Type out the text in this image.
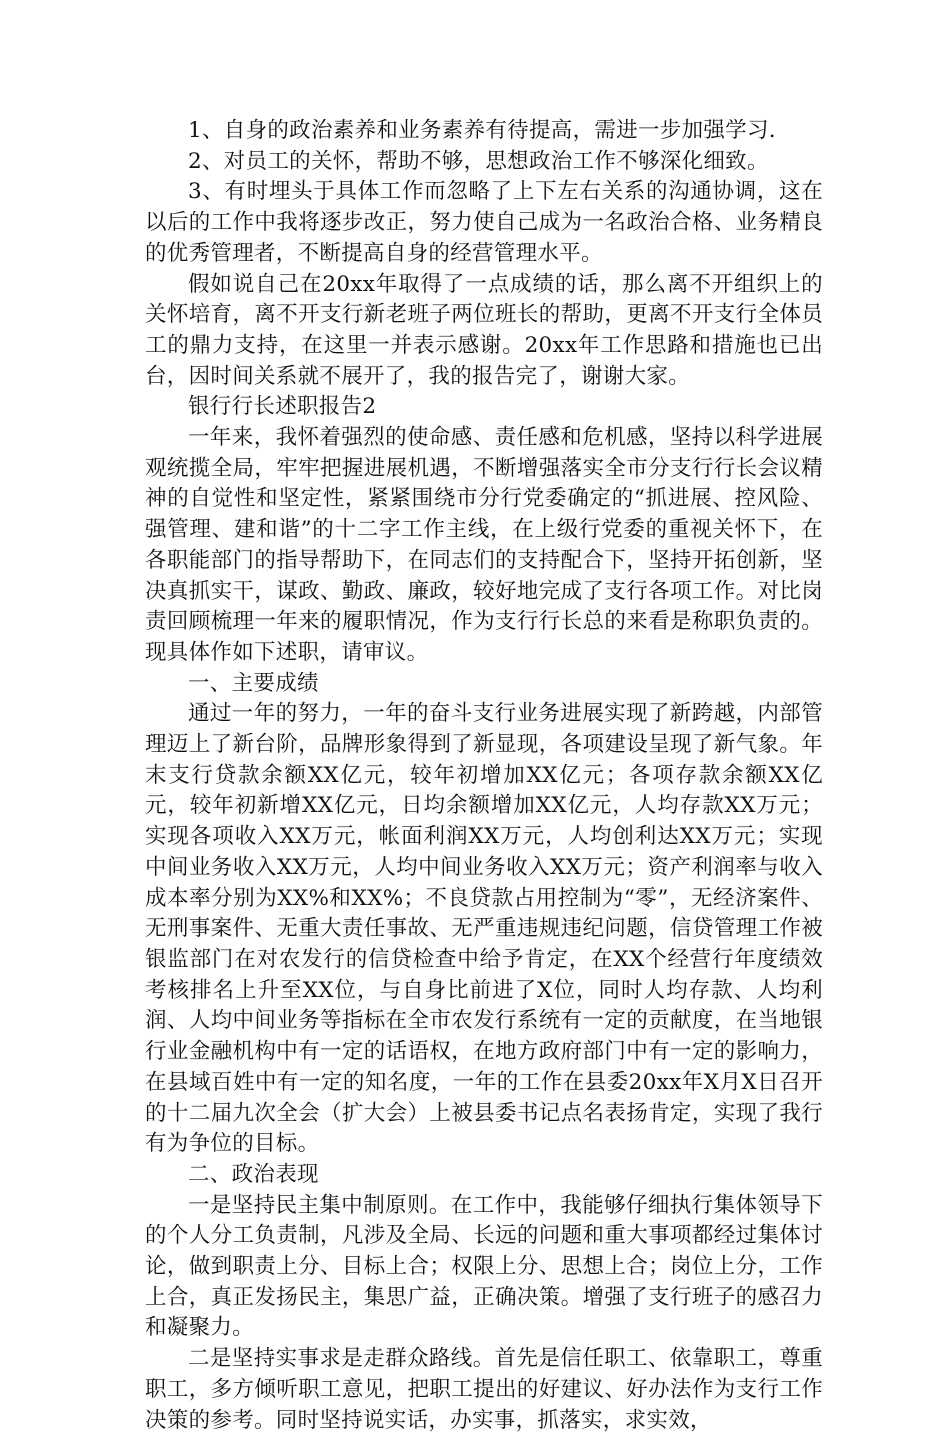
1、自身的政治素养和业务素养有待提高，需进一步加强学习.

2、对员工的关怀，帮助不够，思想政治工作不够深化细致。

3、有时埋头于具体工作而忽略了上下左右关系的沟通协调，这在以后的工作中我将逐步改正，努力使自己成为一名政治合格、业务精良的优秀管理者，不断提高自身的经营管理水平。

假如说自己在20xx年取得了一点成绩的话，那么离不开组织上的关怀培育，离不开支行新老班子两位班长的帮助，更离不开支行全体员工的鼎力支持，在这里一并表示感谢。20xx年工作思路和措施也已出台，因时间关系就不展开了，我的报告完了，谢谢大家。

银行行长述职报告2

一年来，我怀着强烈的使命感、责任感和危机感，坚持以科学进展观统揽全局，牢牢把握进展机遇，不断增强落实全市分支行行长会议精神的自觉性和坚定性，紧紧围绕市分行党委确定的“抓进展、控风险、强管理、建和谐”的十二字工作主线，在上级行党委的重视关怀下，在各职能部门的指导帮助下，在同志们的支持配合下，坚持开拓创新，坚决真抓实干，谋政、勤政、廉政，较好地完成了支行各项工作。对比岗责回顾梳理一年来的履职情况，作为支行行长总的来看是称职负责的。现具体作如下述职，请审议。

一、主要成绩

通过一年的努力，一年的奋斗支行业务进展实现了新跨越，内部管理迈上了新台阶，品牌形象得到了新显现，各项建设呈现了新气象。年末支行贷款余额XX亿元，较年初增加XX亿元；各项存款余额XX亿元，较年初新增XX亿元，日均余额增加XX亿元，人均存款XX万元；实现各项收入XX万元，帐面利润XX万元，人均创利达XX万元；实现中间业务收入XX万元，人均中间业务收入XX万元；资产利润率与收入成本率分别为XX%和XX%；不良贷款占用控制为“零”，无经济案件、无刑事案件、无重大责任事故、无严重违规违纪问题，信贷管理工作被银监部门在对农发行的信贷检查中给予肯定，在XX个经营行年度绩效考核排名上升至XX位，与自身比前进了X位，同时人均存款、人均利润、人均中间业务等指标在全市农发行系统有一定的贡献度，在当地银行业金融机构中有一定的话语权，在地方政府部门中有一定的影响力，在县域百姓中有一定的知名度，一年的工作在县委20xx年X月X日召开的十二届九次全会（扩大会）上被县委书记点名表扬肯定，实现了我行有为争位的目标。

二、政治表现

一是坚持民主集中制原则。在工作中，我能够仔细执行集体领导下的个人分工负责制，凡涉及全局、长远的问题和重大事项都经过集体讨论，做到职责上分、目标上合；权限上分、思想上合；岗位上分，工作上合，真正发扬民主，集思广益，正确决策。增强了支行班子的感召力和凝聚力。

二是坚持实事求是走群众路线。首先是信任职工、依靠职工，尊重职工，多方倾听职工意见，把职工提出的好建议、好办法作为支行工作决策的参考。同时坚持说实话，办实事，抓落实，求实效，
